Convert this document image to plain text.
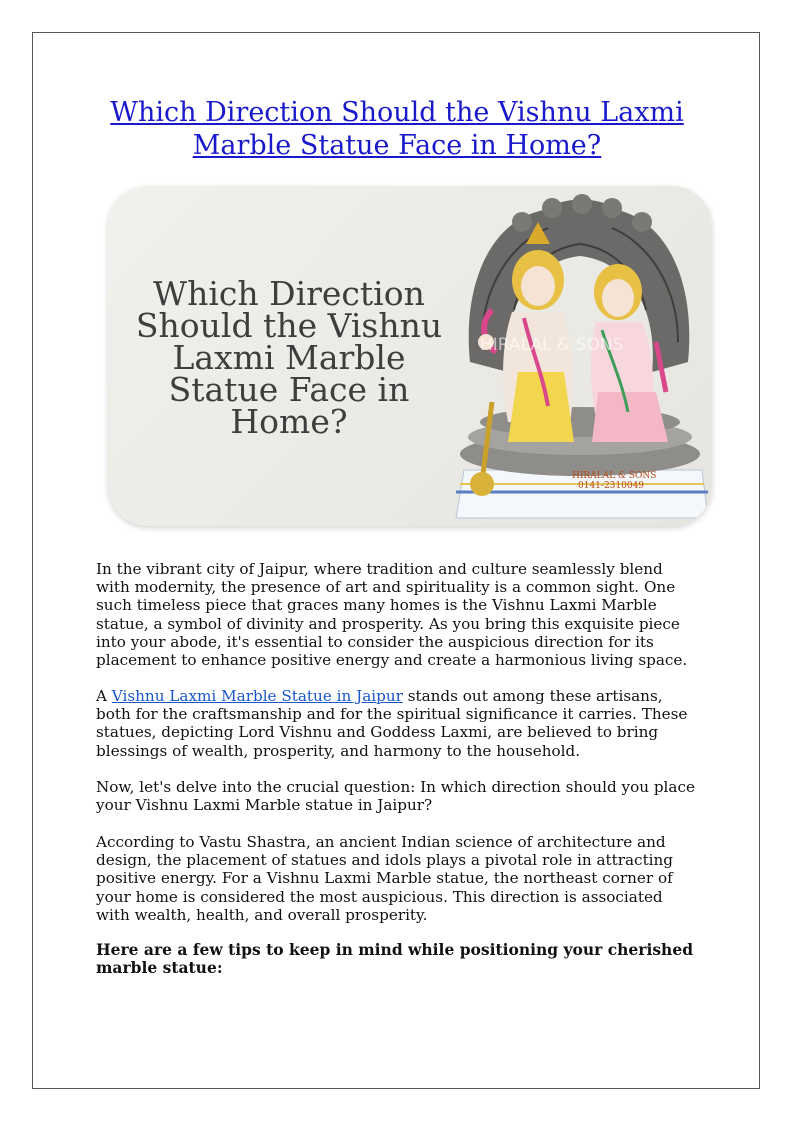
Which Direction Should the Vishnu Laxmi Marble Statue Face in Home?
Which Direction Should the Vishnu Laxmi Marble Statue Face in Home?
HIRALAL & SONS
HIRALAL & SONS
0141-2310049

In the vibrant city of Jaipur, where tradition and culture seamlessly blend with modernity, the presence of art and spirituality is a common sight. One such timeless piece that graces many homes is the Vishnu Laxmi Marble statue, a symbol of divinity and prosperity. As you bring this exquisite piece into your abode, it's essential to consider the auspicious direction for its placement to enhance positive energy and create a harmonious living space.

A Vishnu Laxmi Marble Statue in Jaipur stands out among these artisans, both for the craftsmanship and for the spiritual significance it carries. These statues, depicting Lord Vishnu and Goddess Laxmi, are believed to bring blessings of wealth, prosperity, and harmony to the household.

Now, let's delve into the crucial question: In which direction should you place your Vishnu Laxmi Marble statue in Jaipur?

According to Vastu Shastra, an ancient Indian science of architecture and design, the placement of statues and idols plays a pivotal role in attracting positive energy. For a Vishnu Laxmi Marble statue, the northeast corner of your home is considered the most auspicious. This direction is associated with wealth, health, and overall prosperity.

Here are a few tips to keep in mind while positioning your cherished marble statue:
